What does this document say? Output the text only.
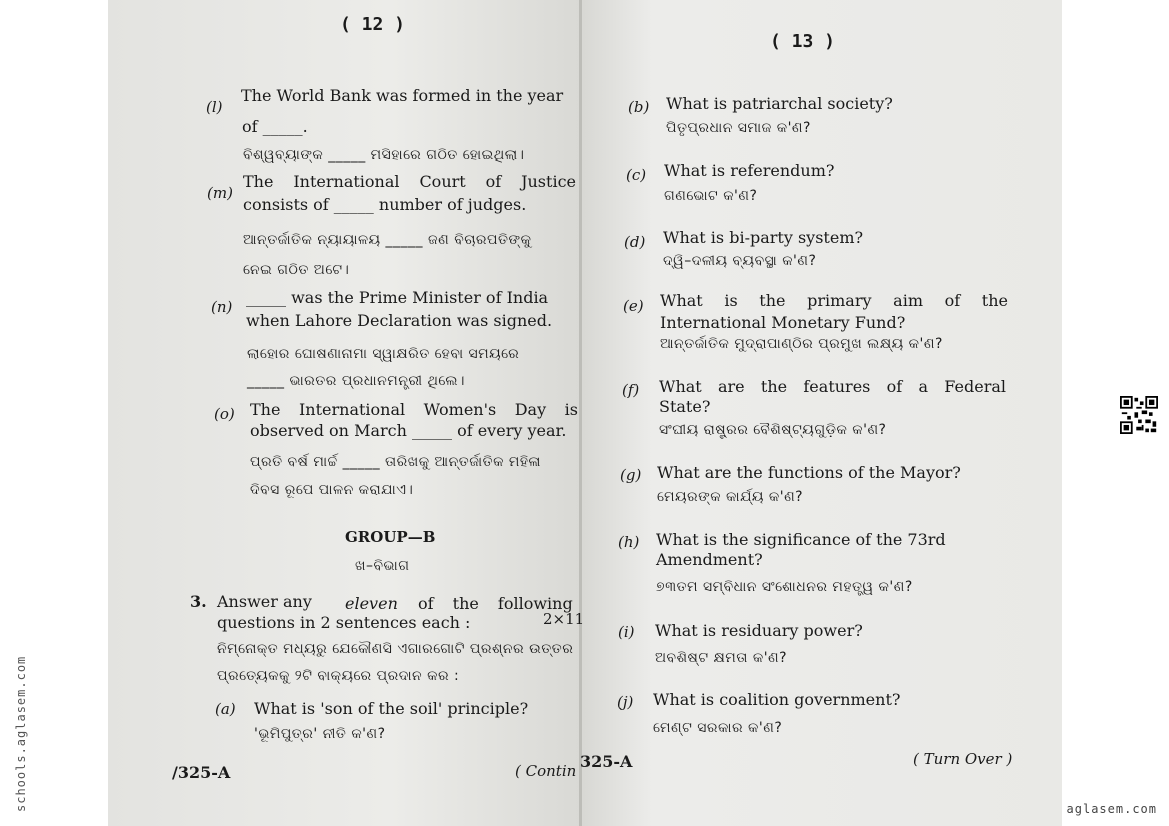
( 12 )
(l)
The World Bank was formed in the year
of _____.
ବିଶ୍ୱବ୍ୟାଙ୍କ _____ ମସିହାରେ ଗଠିତ ହୋଇଥିଲା।
(m)
The International Court of Justice
consists of _____ number of judges.
ଆନ୍ତର୍ଜାତିକ ନ୍ୟାୟାଳୟ _____ ଜଣ ବିଚାରପତିଙ୍କୁ
ନେଇ ଗଠିତ ଅଟେ।
(n) _____ was the Prime Minister of India
when Lahore Declaration was signed.
ଲାହୋର ଘୋଷଣାନାମା ସ୍ୱାକ୍ଷରିତ ହେବା ସମୟରେ
_____ ଭାରତର ପ୍ରଧାନମନ୍ତ୍ରୀ ଥିଲେ।
(o) The International Women's Day is
observed on March _____ of every year.
ପ୍ରତି ବର୍ଷ ମାର୍ଚ୍ଚ _____ ତାରିଖକୁ ଆନ୍ତର୍ଜାତିକ ମହିଳା
ଦିବସ ରୂପେ ପାଳନ କରାଯାଏ।
GROUP—B
ଖ–ବିଭାଗ
3. Answer any eleven of the following
2×11
questions in 2 sentences each :
ନିମ୍ନୋକ୍ତ ମଧ୍ୟରୁ ଯେକୌଣସି ଏଗାରଗୋଟି ପ୍ରଶ୍ନର ଉତ୍ତର
ପ୍ରତ୍ୟେକକୁ ୨ଟି ବାକ୍ୟରେ ପ୍ରଦାନ କର :
(a) What is 'son of the soil' principle?
'ଭୂମିପୁତ୍ର' ନୀତି କ'ଣ?
/325-A	( Contin
( 13 )
(b) What is patriarchal society?
ପିତୃପ୍ରଧାନ ସମାଜ କ'ଣ?
(c) What is referendum?
ଗଣଭୋଟ କ'ଣ?
(d) What is bi-party system?
ଦ୍ୱି–ଦଳୀୟ ବ୍ୟବସ୍ଥା କ'ଣ?
(e) What is the primary aim of the
International Monetary Fund?
ଆନ୍ତର୍ଜାତିକ ମୁଦ୍ରାପାଣ୍ଠିର ପ୍ରମୁଖ ଲକ୍ଷ୍ୟ କ'ଣ?
(f) What are the features of a Federal
State?
ସଂଘୀୟ ରାଷ୍ଟ୍ରର ବୈଶିଷ୍ଟ୍ୟଗୁଡ଼ିକ କ'ଣ?
(g) What are the functions of the Mayor?
ମେୟରଙ୍କ କାର୍ଯ୍ୟ କ'ଣ?
(h) What is the significance of the 73rd
Amendment?
୭୩ତମ ସମ୍ବିଧାନ ସଂଶୋଧନର ମହତ୍ତ୍ୱ କ'ଣ?
(i) What is residuary power?
ଅବଶିଷ୍ଟ କ୍ଷମତା କ'ଣ?
(j) What is coalition government?
ମେଣ୍ଟ ସରକାର କ'ଣ?
325-A	( Turn Over )
schools.aglasem.com	aglasem.com
